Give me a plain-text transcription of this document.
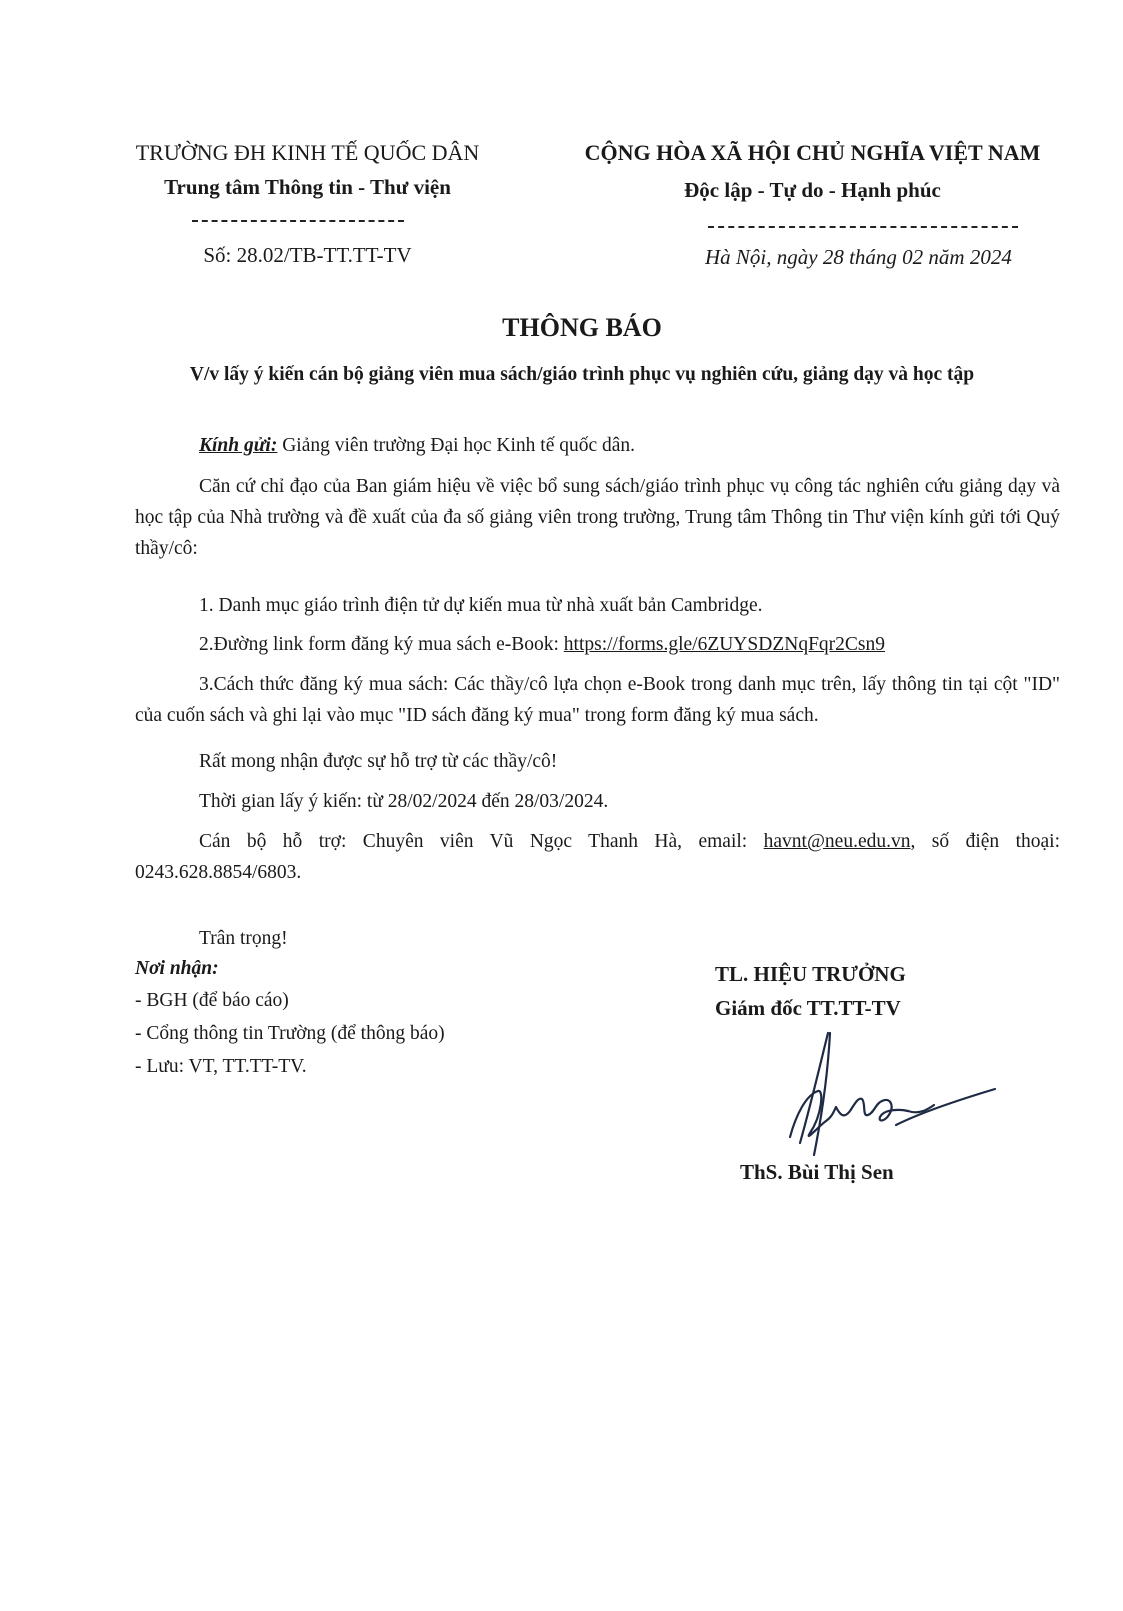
TRƯỜNG ĐH KINH TẾ QUỐC DÂN
Trung tâm Thông tin - Thư viện
Số: 28.02/TB-TT.TT-TV
CỘNG HÒA XÃ HỘI CHỦ NGHĨA VIỆT NAM
Độc lập - Tự do - Hạnh phúc
Hà Nội, ngày 28 tháng 02 năm 2024
THÔNG BÁO
V/v lấy ý kiến cán bộ giảng viên mua sách/giáo trình phục vụ nghiên cứu, giảng dạy và học tập
Kính gửi: Giảng viên trường Đại học Kinh tế quốc dân.
Căn cứ chỉ đạo của Ban giám hiệu về việc bổ sung sách/giáo trình phục vụ công tác nghiên cứu giảng dạy và học tập của Nhà trường và đề xuất của đa số giảng viên trong trường, Trung tâm Thông tin Thư viện kính gửi tới Quý thầy/cô:
1. Danh mục giáo trình điện tử dự kiến mua từ nhà xuất bản Cambridge.
2.Đường link form đăng ký mua sách e-Book: https://forms.gle/6ZUYSDZNqFqr2Csn9
3.Cách thức đăng ký mua sách: Các thầy/cô lựa chọn e-Book trong danh mục trên, lấy thông tin tại cột "ID" của cuốn sách và ghi lại vào mục "ID sách đăng ký mua" trong form đăng ký mua sách.
Rất mong nhận được sự hỗ trợ từ các thầy/cô!
Thời gian lấy ý kiến: từ 28/02/2024 đến 28/03/2024.
Cán bộ hỗ trợ: Chuyên viên Vũ Ngọc Thanh Hà, email: havnt@neu.edu.vn, số điện thoại: 0243.628.8854/6803.
Trân trọng!
Nơi nhận:
- BGH (để báo cáo)
- Cổng thông tin Trường (để thông báo)
- Lưu: VT, TT.TT-TV.
TL. HIỆU TRƯỞNG
Giám đốc TT.TT-TV
ThS. Bùi Thị Sen
